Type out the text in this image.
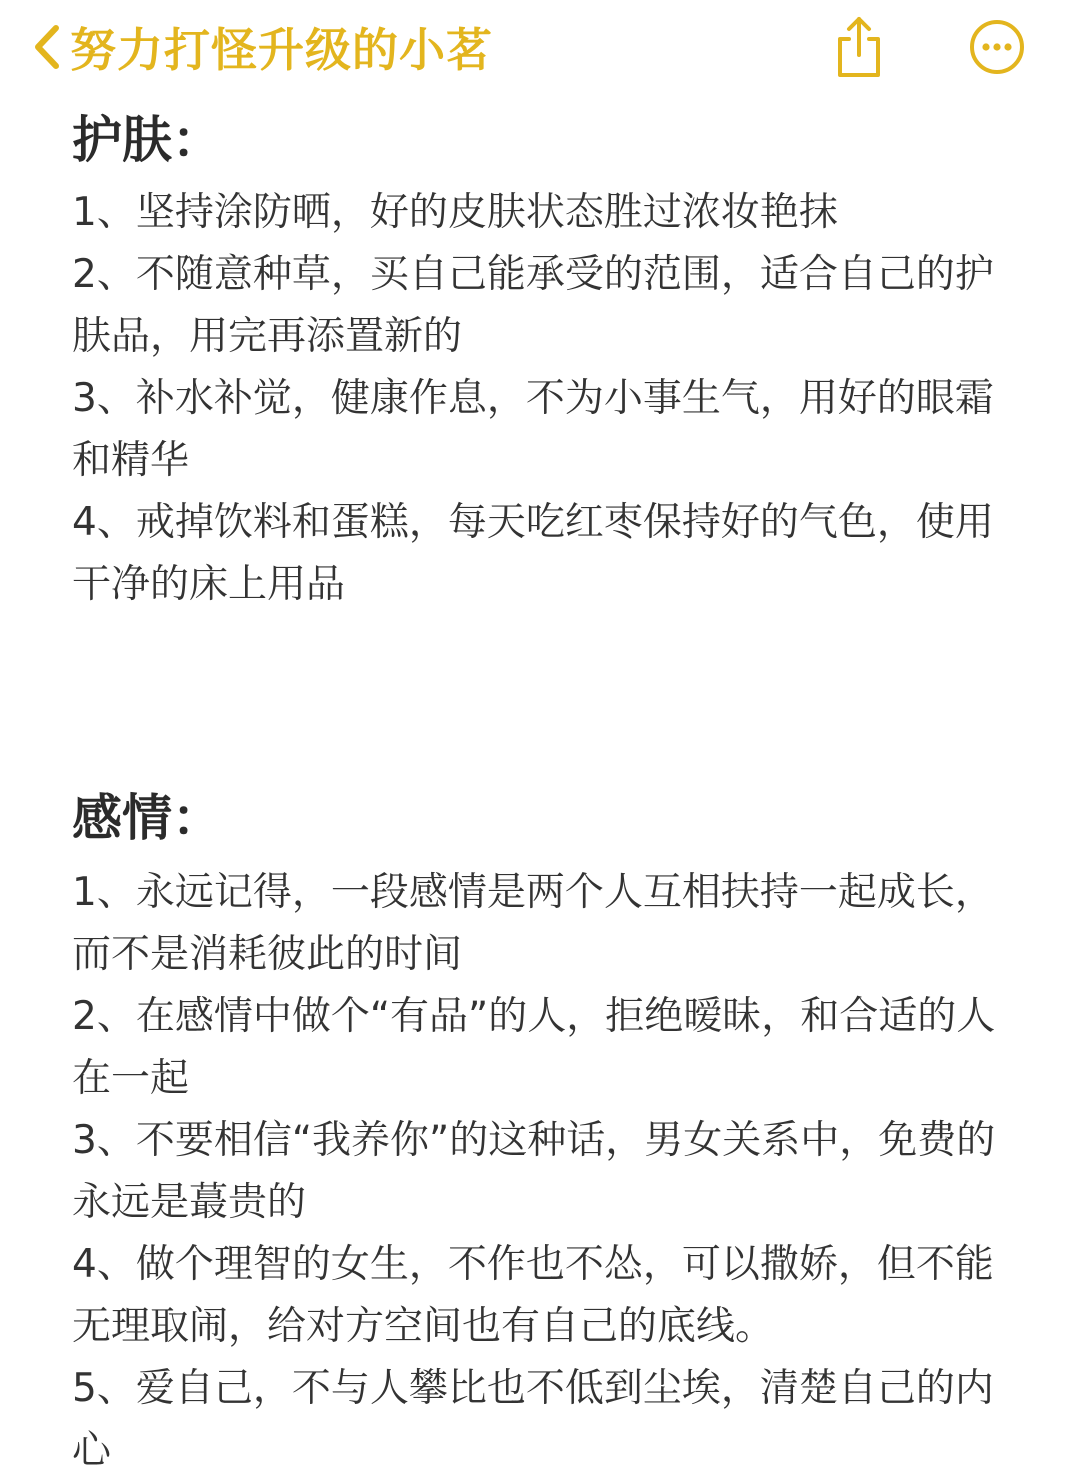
努力打怪升级的小茗
护肤：
1、坚持涂防晒，好的皮肤状态胜过浓妆艳抹
2、不随意种草，买自己能承受的范围，适合自己的护肤品，用完再添置新的
3、补水补觉，健康作息，不为小事生气，用好的眼霜和精华
4、戒掉饮料和蛋糕，每天吃红枣保持好的气色，使用干净的床上用品
感情：
1、永远记得，一段感情是两个人互相扶持一起成长，而不是消耗彼此的时间
2、在感情中做个“有品”的人，拒绝暧昧，和合适的人在一起
3、不要相信“我养你”的这种话，男女关系中，免费的永远是蕞贵的
4、做个理智的女生，不作也不怂，可以撒娇，但不能无理取闹，给对方空间也有自己的底线。
5、爱自己，不与人攀比也不低到尘埃，清楚自己的内心
